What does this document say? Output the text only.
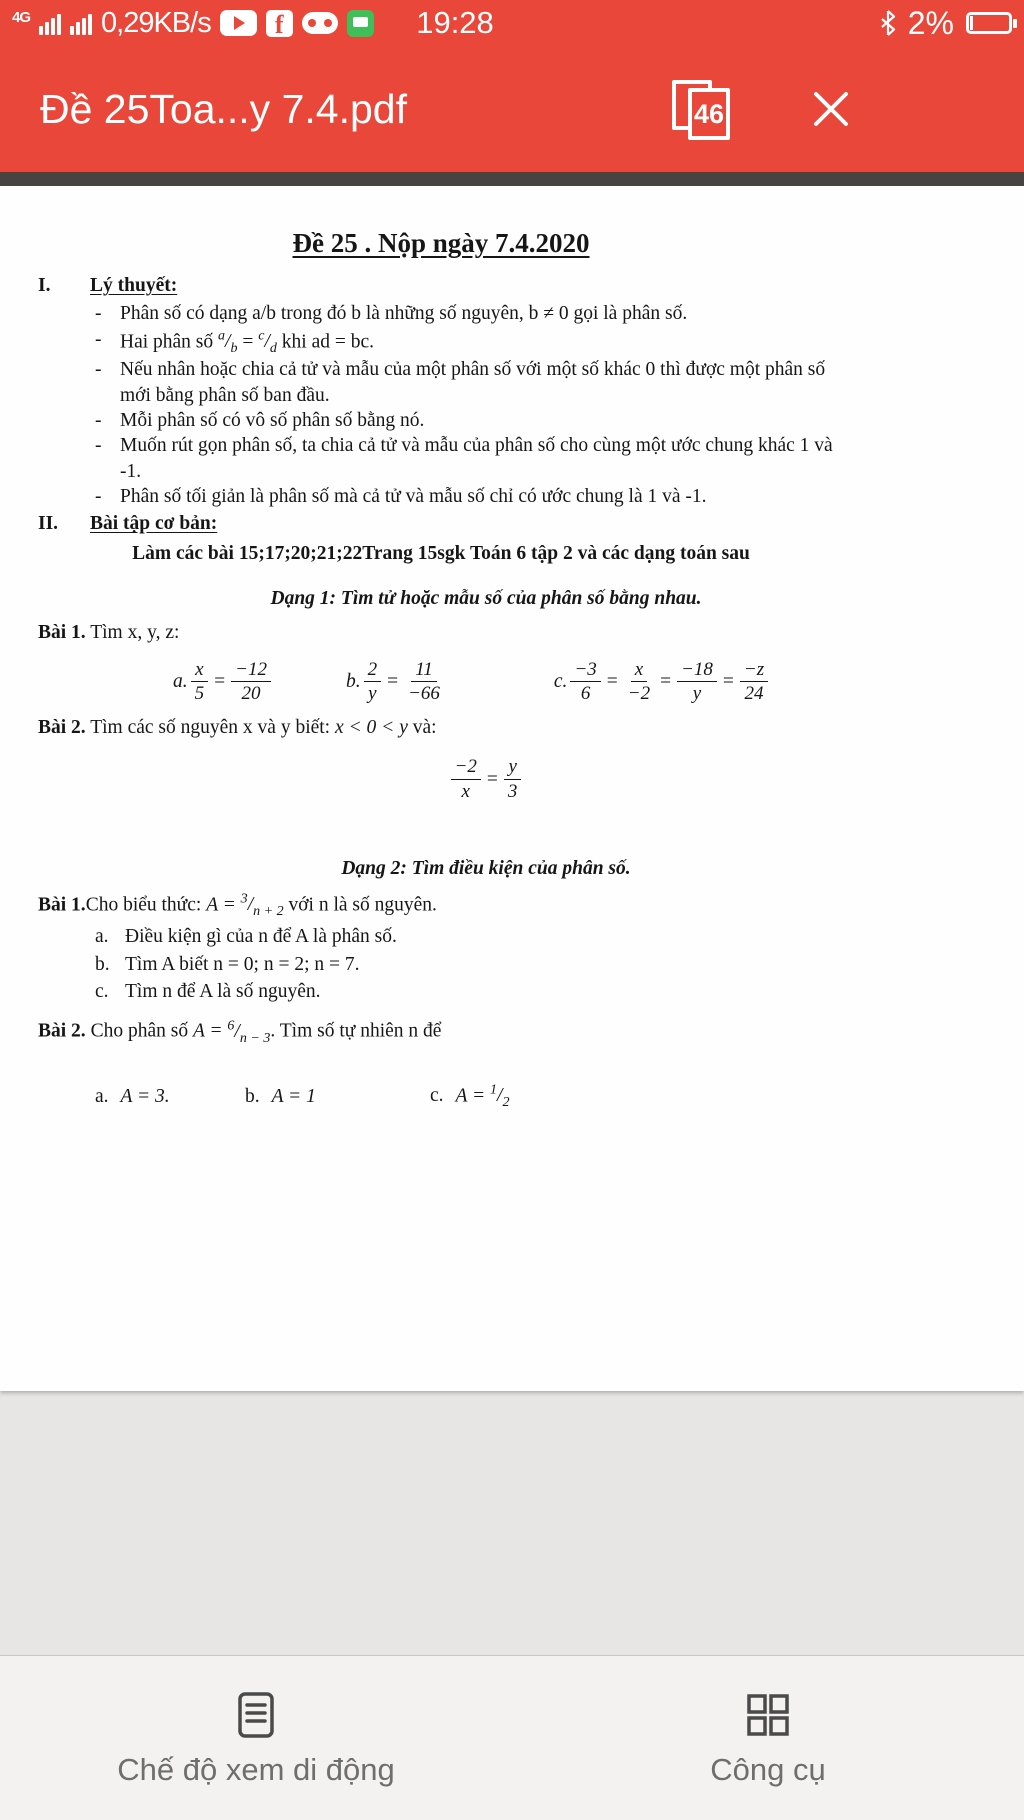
4G 0,29KB/s	f	19:28	2%
Đề 25Toa...y 7.4.pdf	46
Đề 25 . Nộp ngày 7.4.2020
I.	Lý thuyết:
- Phân số có dạng a/b trong đó b là những số nguyên, b ≠ 0 gọi là phân số.
- Hai phân số $^a/_b = ^c/_d$ khi ad = bc.
- Nếu nhân hoặc chia cả tử và mẫu của một phân số với một số khác 0 thì được một phân số mới bằng phân số ban đầu.
- Mỗi phân số có vô số phân số bằng nó.
- Muốn rút gọn phân số, ta chia cả tử và mẫu của phân số cho cùng một ước chung khác 1 và -1.
- Phân số tối giản là phân số mà cả tử và mẫu số chỉ có ước chung là 1 và -1.
II.	Bài tập cơ bản:
Làm các bài 15;17;20;21;22Trang 15sgk Toán 6 tập 2 và các dạng toán sau
Dạng 1: Tìm tử hoặc mẫu số của phân số bằng nhau.
Bài 1. Tìm x, y, z:
a. $\frac{x}{5} = \frac{-12}{20}$	b. $\frac{2}{y} = \frac{11}{-66}$	c. $\frac{-3}{6} = \frac{x}{-2} = \frac{-18}{y} = \frac{-z}{24}$
Bài 2. Tìm các số nguyên x và y biết: x < 0 < y và:
$\frac{-2}{x} = \frac{y}{3}$
Dạng 2: Tìm điều kiện của phân số.
Bài 1.Cho biểu thức: $A = ^3/_{n + 2}$ với n là số nguyên.
a. Điều kiện gì của n để A là phân số.
b. Tìm A biết n = 0; n = 2; n = 7.
c. Tìm n để A là số nguyên.
Bài 2. Cho phân số $A = ^6/_{n - 3}$. Tìm số tự nhiên n để
a. A = 3.	b. A = 1	c. $A = ^1/_2$
Chế độ xem di động	Công cụ
